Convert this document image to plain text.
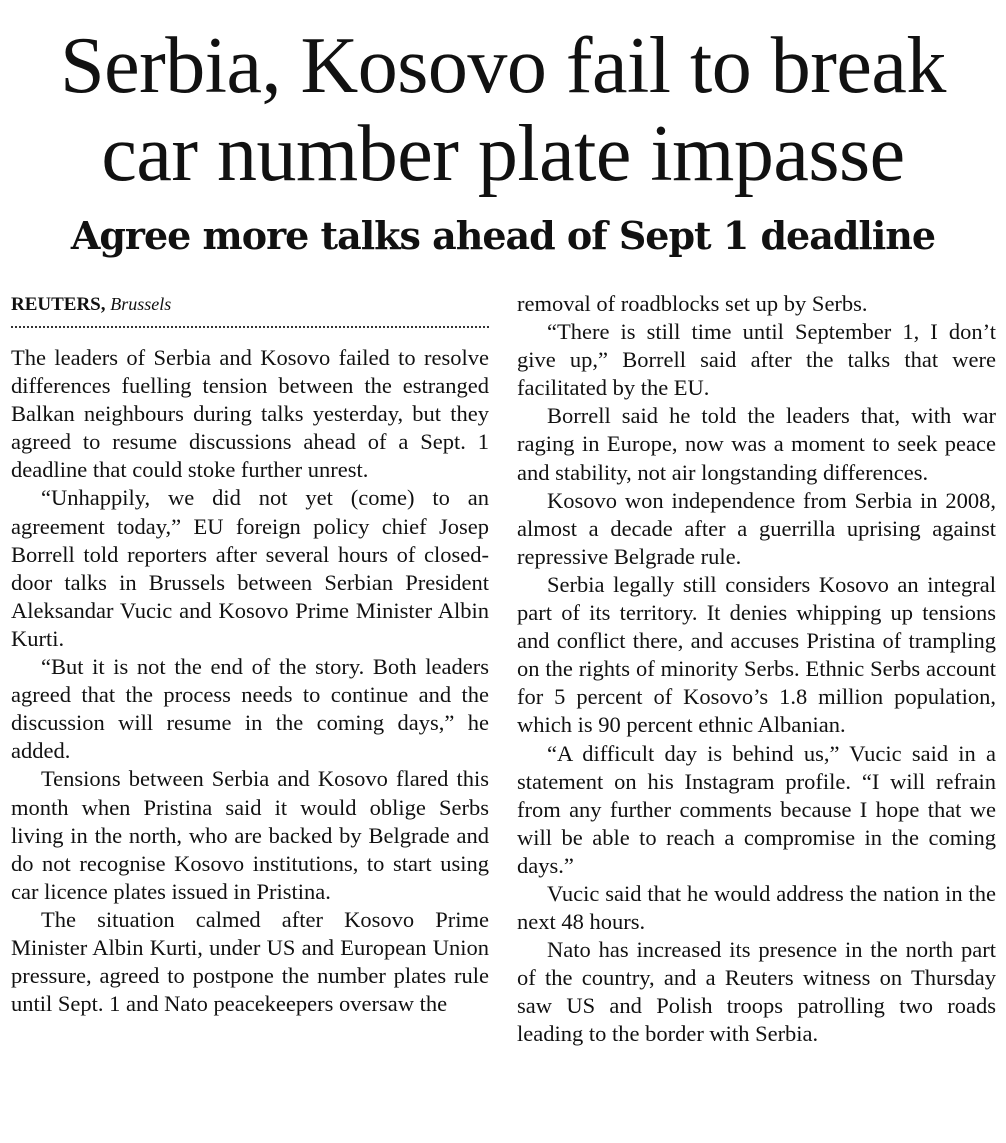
Serbia, Kosovo fail to break
car number plate impasse
Agree more talks ahead of Sept 1 deadline
REUTERS, Brussels

The leaders of Serbia and Kosovo failed to resolve differences fuelling tension between the estranged Balkan neighbours during talks yesterday, but they agreed to resume discussions ahead of a Sept. 1 deadline that could stoke further unrest.

“Unhappily, we did not yet (come) to an agreement today,” EU foreign policy chief Josep Borrell told reporters after several hours of closed-door talks in Brussels between Serbian President Aleksandar Vucic and Kosovo Prime Minister Albin Kurti.

“But it is not the end of the story. Both leaders agreed that the process needs to continue and the discussion will resume in the coming days,” he added.

Tensions between Serbia and Kosovo flared this month when Pristina said it would oblige Serbs living in the north, who are backed by Belgrade and do not recognise Kosovo institutions, to start using car licence plates issued in Pristina.

The situation calmed after Kosovo Prime Minister Albin Kurti, under US and European Union pressure, agreed to postpone the number plates rule until Sept. 1 and Nato peacekeepers oversaw the

removal of roadblocks set up by Serbs.

“There is still time until September 1, I don’t give up,” Borrell said after the talks that were facilitated by the EU.

Borrell said he told the leaders that, with war raging in Europe, now was a moment to seek peace and stability, not air longstanding differences.

Kosovo won independence from Serbia in 2008, almost a decade after a guerrilla uprising against repressive Belgrade rule.

Serbia legally still considers Kosovo an integral part of its territory. It denies whipping up tensions and conflict there, and accuses Pristina of trampling on the rights of minority Serbs. Ethnic Serbs account for 5 percent of Kosovo’s 1.8 million population, which is 90 percent ethnic Albanian.

“A difficult day is behind us,” Vucic said in a statement on his Instagram profile. “I will refrain from any further comments because I hope that we will be able to reach a compromise in the coming days.”

Vucic said that he would address the nation in the next 48 hours.

Nato has increased its presence in the north part of the country, and a Reuters witness on Thursday saw US and Polish troops patrolling two roads leading to the border with Serbia.
